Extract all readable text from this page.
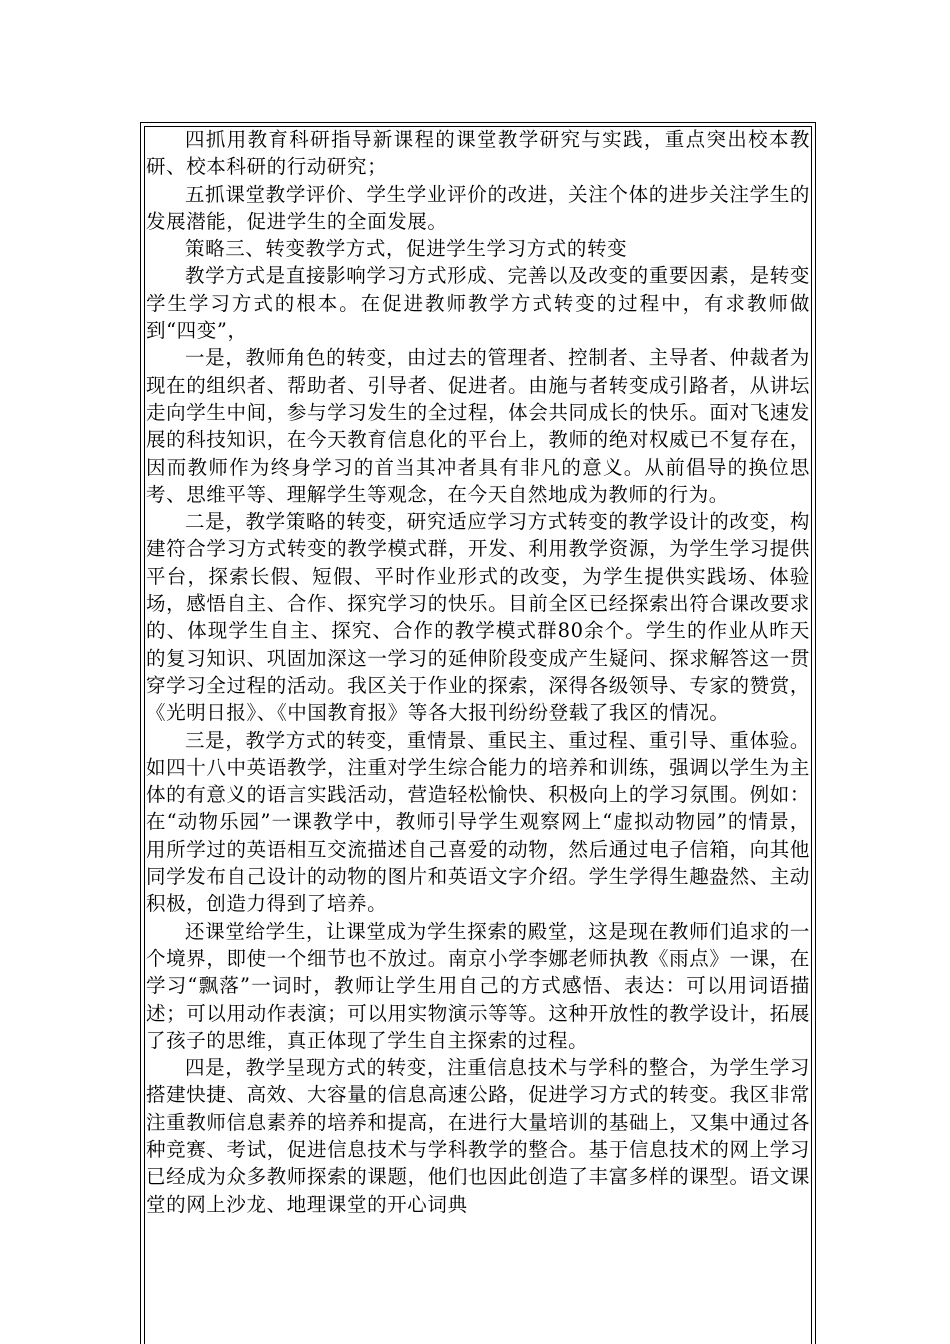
四抓用教育科研指导新课程的课堂教学研究与实践，重点突出校本教研、校本科研的行动研究；

五抓课堂教学评价、学生学业评价的改进，关注个体的进步关注学生的发展潜能，促进学生的全面发展。

策略三、转变教学方式，促进学生学习方式的转变

教学方式是直接影响学习方式形成、完善以及改变的重要因素，是转变学生学习方式的根本。在促进教师教学方式转变的过程中，有求教师做到“四变”，

一是，教师角色的转变，由过去的管理者、控制者、主导者、仲裁者为现在的组织者、帮助者、引导者、促进者。由施与者转变成引路者，从讲坛走向学生中间，参与学习发生的全过程，体会共同成长的快乐。面对飞速发展的科技知识，在今天教育信息化的平台上，教师的绝对权威已不复存在，因而教师作为终身学习的首当其冲者具有非凡的意义。从前倡导的换位思考、思维平等、理解学生等观念，在今天自然地成为教师的行为。

二是，教学策略的转变，研究适应学习方式转变的教学设计的改变，构建符合学习方式转变的教学模式群，开发、利用教学资源，为学生学习提供平台，探索长假、短假、平时作业形式的改变，为学生提供实践场、体验场，感悟自主、合作、探究学习的快乐。目前全区已经探索出符合课改要求的、体现学生自主、探究、合作的教学模式群80余个。学生的作业从昨天的复习知识、巩固加深这一学习的延伸阶段变成产生疑问、探求解答这一贯穿学习全过程的活动。我区关于作业的探索，深得各级领导、专家的赞赏，《光明日报》、《中国教育报》等各大报刊纷纷登载了我区的情况。

三是，教学方式的转变，重情景、重民主、重过程、重引导、重体验。如四十八中英语教学，注重对学生综合能力的培养和训练，强调以学生为主体的有意义的语言实践活动，营造轻松愉快、积极向上的学习氛围。例如：在“动物乐园”一课教学中，教师引导学生观察网上“虚拟动物园”的情景，用所学过的英语相互交流描述自己喜爱的动物，然后通过电子信箱，向其他同学发布自己设计的动物的图片和英语文字介绍。学生学得生趣盎然、主动积极，创造力得到了培养。

还课堂给学生，让课堂成为学生探索的殿堂，这是现在教师们追求的一个境界，即使一个细节也不放过。南京小学李娜老师执教《雨点》一课，在学习“飘落”一词时，教师让学生用自己的方式感悟、表达：可以用词语描述；可以用动作表演；可以用实物演示等等。这种开放性的教学设计，拓展了孩子的思维，真正体现了学生自主探索的过程。

四是，教学呈现方式的转变，注重信息技术与学科的整合，为学生学习搭建快捷、高效、大容量的信息高速公路，促进学习方式的转变。我区非常注重教师信息素养的培养和提高，在进行大量培训的基础上，又集中通过各种竞赛、考试，促进信息技术与学科教学的整合。基于信息技术的网上学习已经成为众多教师探索的课题，他们也因此创造了丰富多样的课型。语文课堂的网上沙龙、地理课堂的开心词典
